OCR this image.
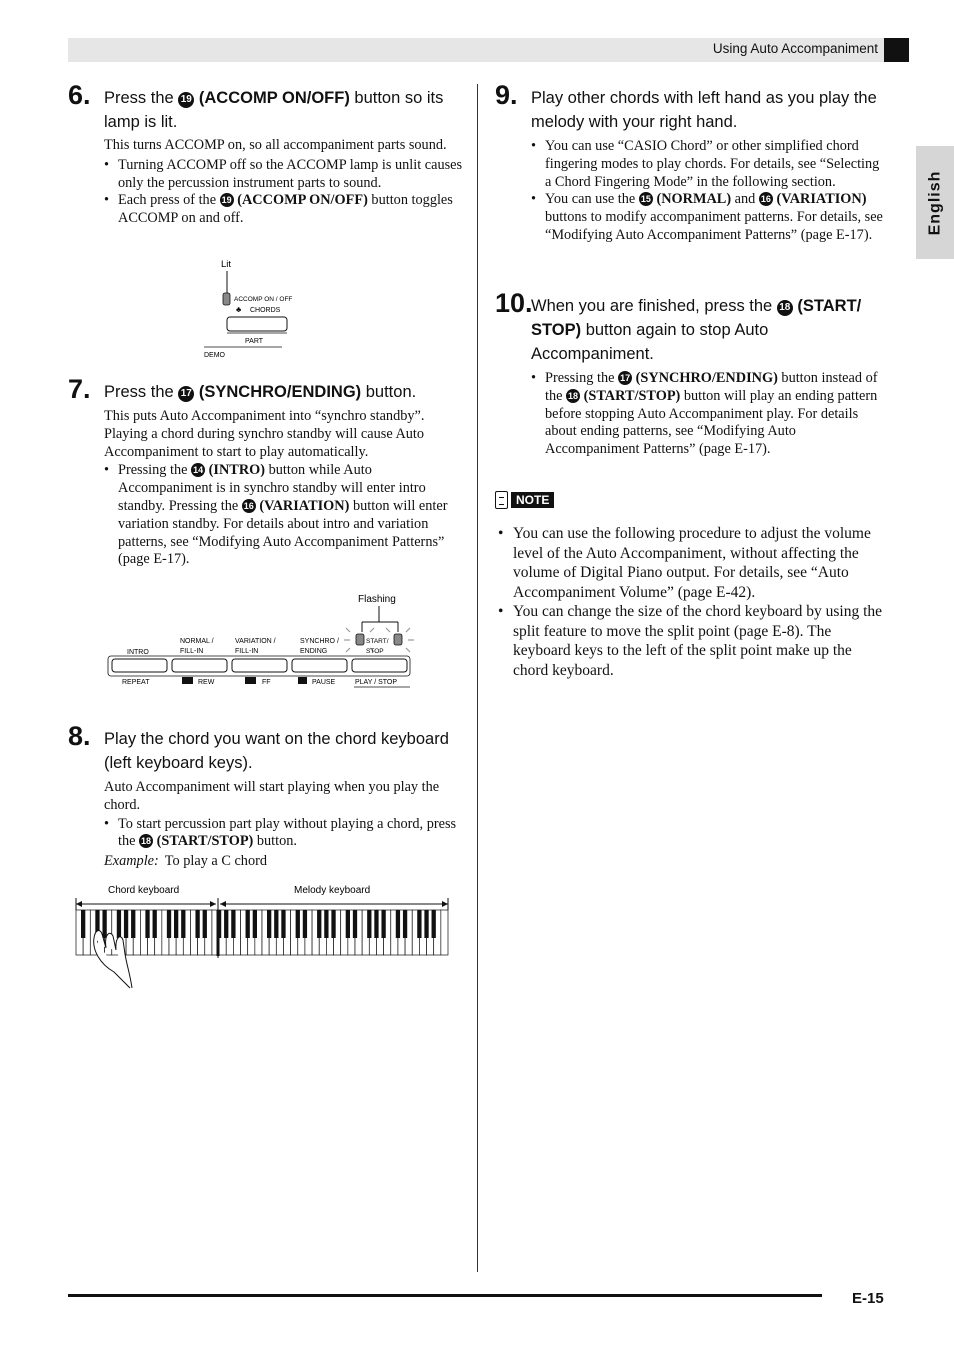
Using Auto Accompaniment
English
6. Press the 19 (ACCOMP ON/OFF) button so its lamp is lit.
This turns ACCOMP on, so all accompaniment parts sound.
• Turning ACCOMP off so the ACCOMP lamp is unlit causes only the percussion instrument parts to sound.
• Each press of the 19 (ACCOMP ON/OFF) button toggles ACCOMP on and off.
Lit
ACCOMP ON / OFF
♣ CHORDS
PART
DEMO
7. Press the 17 (SYNCHRO/ENDING) button.
This puts Auto Accompaniment into “synchro standby”. Playing a chord during synchro standby will cause Auto Accompaniment to start to play automatically.
• Pressing the 14 (INTRO) button while Auto Accompaniment is in synchro standby will enter intro standby. Pressing the 16 (VARIATION) button will enter variation standby. For details about intro and variation patterns, see “Modifying Auto Accompaniment Patterns” (page E-17).
Flashing
INTRO
NORMAL /
FILL-IN
VARIATION /
FILL-IN
SYNCHRO /
ENDING
START/
STOP
REPEAT	REW	FF	PAUSE	PLAY / STOP
8. Play the chord you want on the chord keyboard (left keyboard keys).
Auto Accompaniment will start playing when you play the chord.
• To start percussion part play without playing a chord, press the 18 (START/STOP) button.
Example: To play a C chord
Chord keyboard	Melody keyboard
9. Play other chords with left hand as you play the melody with your right hand.
• You can use “CASIO Chord” or other simplified chord fingering modes to play chords. For details, see “Selecting a Chord Fingering Mode” in the following section.
• You can use the 15 (NORMAL) and 16 (VARIATION) buttons to modify accompaniment patterns. For details, see “Modifying Auto Accompaniment Patterns” (page E-17).
10.
When you are finished, press the 18 (START/ STOP) button again to stop Auto Accompaniment.
• Pressing the 17 (SYNCHRO/ENDING) button instead of the 18 (START/STOP) button will play an ending pattern before stopping Auto Accompaniment play. For details about ending patterns, see “Modifying Auto Accompaniment Patterns” (page E-17).
NOTE
• You can use the following procedure to adjust the volume level of the Auto Accompaniment, without affecting the volume of Digital Piano output. For details, see “Auto Accompaniment Volume” (page E-42).
• You can change the size of the chord keyboard by using the split feature to move the split point (page E-8). The keyboard keys to the left of the split point make up the chord keyboard.
E-15
